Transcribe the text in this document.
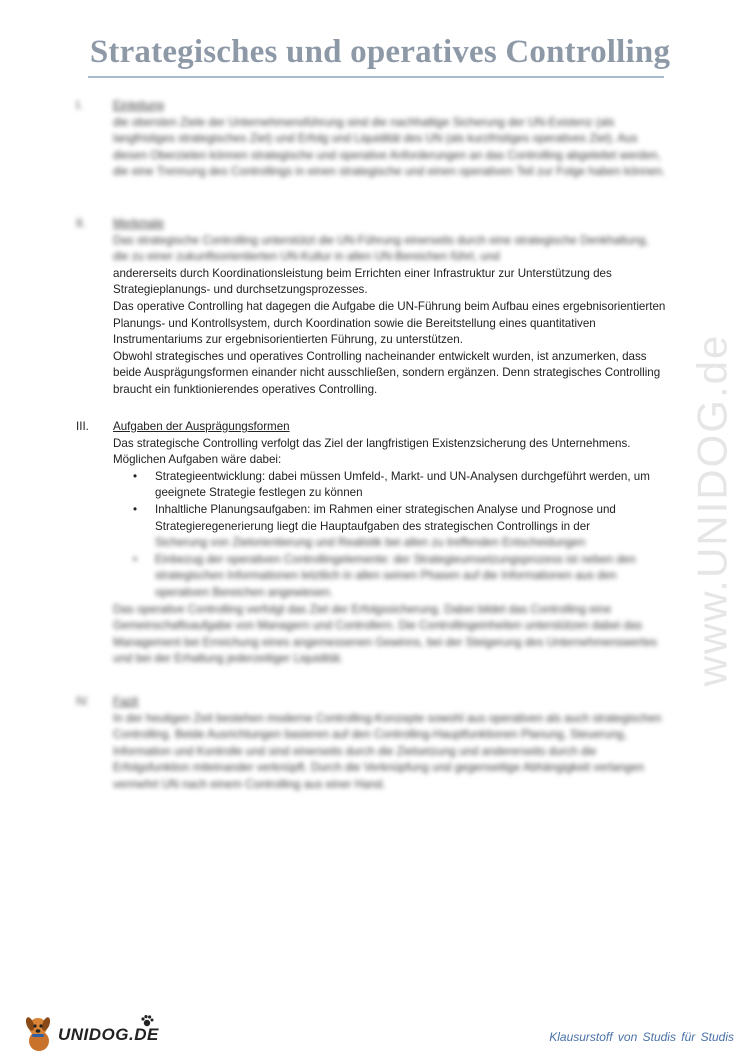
Strategisches und operatives Controlling
I.	Einleitung
die obersten Ziele der Unternehmensführung sind die nachhaltige Sicherung der UN-Existenz (als langfristiges strategisches Ziel) und Erfolg und Liquidität des UN (als kurzfristiges operatives Ziel). Aus diesen Oberzielen können strategische und operative Anforderungen an das Controlling abgeleitet werden, die eine Trennung des Controllings in einen strategische und einen operativen Teil zur Folge haben können.
II.	Merkmale
Das strategische Controlling unterstützt die UN-Führung einerseits durch eine strategische Denkhaltung, die zu einer zukunftsorientierten UN-Kultur in allen UN-Bereichen führt, und
andererseits durch Koordinationsleistung beim Errichten einer Infrastruktur zur Unterstützung des Strategieplanungs- und durchsetzungsprozesses.
Das operative Controlling hat dagegen die Aufgabe die UN-Führung beim Aufbau eines ergebnisorientierten Planungs- und Kontrollsystem, durch Koordination sowie die Bereitstellung eines quantitativen Instrumentariums zur ergebnisorientierten Führung, zu unterstützen.
Obwohl strategisches und operatives Controlling nacheinander entwickelt wurden, ist anzumerken, dass beide Ausprägungsformen einander nicht ausschließen, sondern ergänzen. Denn strategisches Controlling braucht ein funktionierendes operatives Controlling.
III.	Aufgaben der Ausprägungsformen
Das strategische Controlling verfolgt das Ziel der langfristigen Existenzsicherung des Unternehmens. Möglichen Aufgaben wäre dabei:
• Strategieentwicklung: dabei müssen Umfeld-, Markt- und UN-Analysen durchgeführt werden, um geeignete Strategie festlegen zu können
• Inhaltliche Planungsaufgaben: im Rahmen einer strategischen Analyse und Prognose und Strategieregenerierung liegt die Hauptaufgaben des strategischen Controllings in der
Sicherung von Zielorientierung und Realistik bei allen zu treffenden Entscheidungen
• Einbezug der operativen Controllingelemente: der Strategieumsetzungsprozess ist neben den strategischen Informationen letztlich in allen seinen Phasen auf die Informationen aus den operativen Bereichen angewiesen.
Das operative Controlling verfolgt das Ziel der Erfolgssicherung. Dabei bildet das Controlling eine Gemeinschaftsaufgabe von Managern und Controllern. Die Controllingeinheiten unterstützen dabei das Management bei Erreichung eines angemessenen Gewinns, bei der Steigerung des Unternehmenswertes und bei der Erhaltung jederzeitiger Liquidität.
IV.	Fazit
In der heutigen Zeit bestehen moderne Controlling-Konzepte sowohl aus operativen als auch strategischen Controlling. Beide Ausrichtungen basieren auf den Controlling-Hauptfunktionen Planung, Steuerung, Information und Kontrolle und sind einerseits durch die Zielsetzung und andererseits durch die Erfolgsfunktion miteinander verknüpft. Durch die Verknüpfung und gegenseitige Abhängigkeit verlangen vermehrt UN nach einem Controlling aus einer Hand.
www.UNIDOG.de
UNIDOG.DE	Klausurstoff von Studis für Studis
